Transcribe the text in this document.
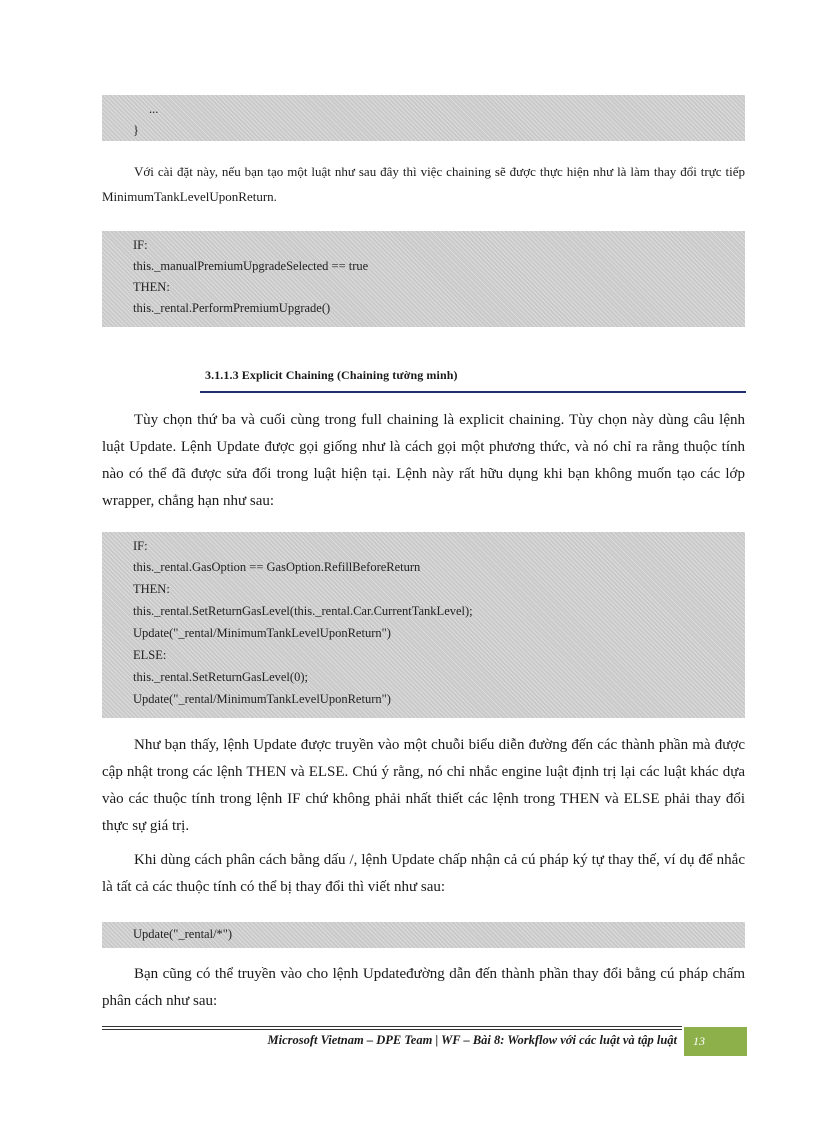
...
}

Với cài đặt này, nếu bạn tạo một luật như sau đây thì việc chaining sẽ được thực hiện như là làm thay đổi trực tiếp MinimumTankLevelUponReturn.

IF:
this._manualPremiumUpgradeSelected == true
THEN:
this._rental.PerformPremiumUpgrade()
3.1.1.3 Explicit Chaining (Chaining tường minh)

Tùy chọn thứ ba và cuối cùng trong full chaining là explicit chaining. Tùy chọn này dùng câu lệnh luật Update. Lệnh Update được gọi giống như là cách gọi một phương thức, và nó chỉ ra rằng thuộc tính nào có thể đã được sửa đổi trong luật hiện tại. Lệnh này rất hữu dụng khi bạn không muốn tạo các lớp wrapper, chẳng hạn như sau:

IF:
this._rental.GasOption == GasOption.RefillBeforeReturn
THEN:
this._rental.SetReturnGasLevel(this._rental.Car.CurrentTankLevel);
Update("_rental/MinimumTankLevelUponReturn")
ELSE:
this._rental.SetReturnGasLevel(0);
Update("_rental/MinimumTankLevelUponReturn")

Như bạn thấy, lệnh Update được truyền vào một chuỗi biểu diễn đường đến các thành phần mà được cập nhật trong các lệnh THEN và ELSE. Chú ý rằng, nó chỉ nhắc engine luật định trị lại các luật khác dựa vào các thuộc tính trong lệnh IF chứ không phải nhất thiết các lệnh trong THEN và ELSE phải thay đổi thực sự giá trị.

Khi dùng cách phân cách bằng dấu /, lệnh Update chấp nhận cả cú pháp ký tự thay thế, ví dụ để nhắc là tất cả các thuộc tính có thể bị thay đổi thì viết như sau:

Update("_rental/*")

Bạn cũng có thể truyền vào cho lệnh Updateđường dẫn đến thành phần thay đổi bằng cú pháp chấm phân cách như sau:

Microsoft Vietnam – DPE Team | WF – Bài 8: Workflow với các luật và tập luật	13
